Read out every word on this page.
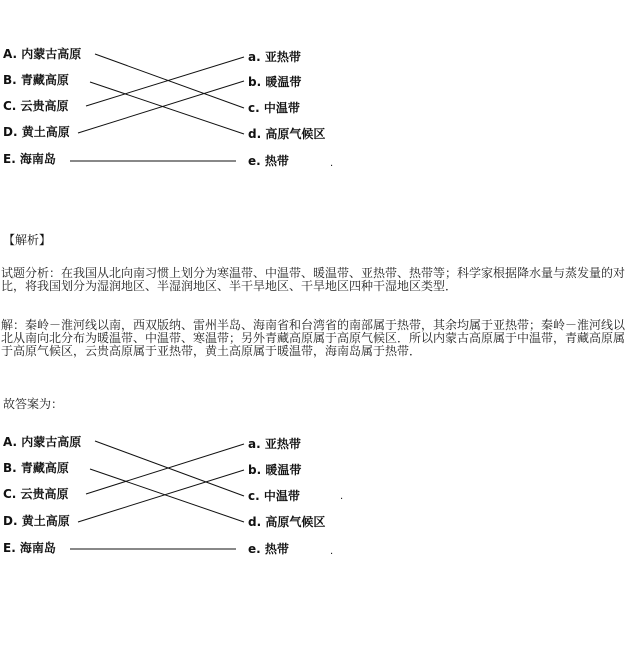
A. 内蒙古高原
B. 青藏高原
C. 云贵高原
D. 黄土高原
E. 海南岛
a. 亚热带
b. 暖温带
c. 中温带
d. 高原气候区
e. 热带	.
【解析】
试题分析：在我国从北向南习惯上划分为寒温带、中温带、暖温带、亚热带、热带等；科学家根据降水量与蒸发量的对比，将我国划分为湿润地区、半湿润地区、半干旱地区、干旱地区四种干湿地区类型．
解：秦岭－淮河线以南，西双版纳、雷州半岛、海南省和台湾省的南部属于热带，其余均属于亚热带；秦岭－淮河线以北从南向北分布为暖温带、中温带、寒温带；另外青藏高原属于高原气候区．所以内蒙古高原属于中温带，青藏高原属于高原气候区，云贵高原属于亚热带，黄土高原属于暖温带，海南岛属于热带．
故答案为：
A. 内蒙古高原
B. 青藏高原
C. 云贵高原
D. 黄土高原
E. 海南岛
a. 亚热带
b. 暖温带
c. 中温带
d. 高原气候区
e. 热带
.
.
